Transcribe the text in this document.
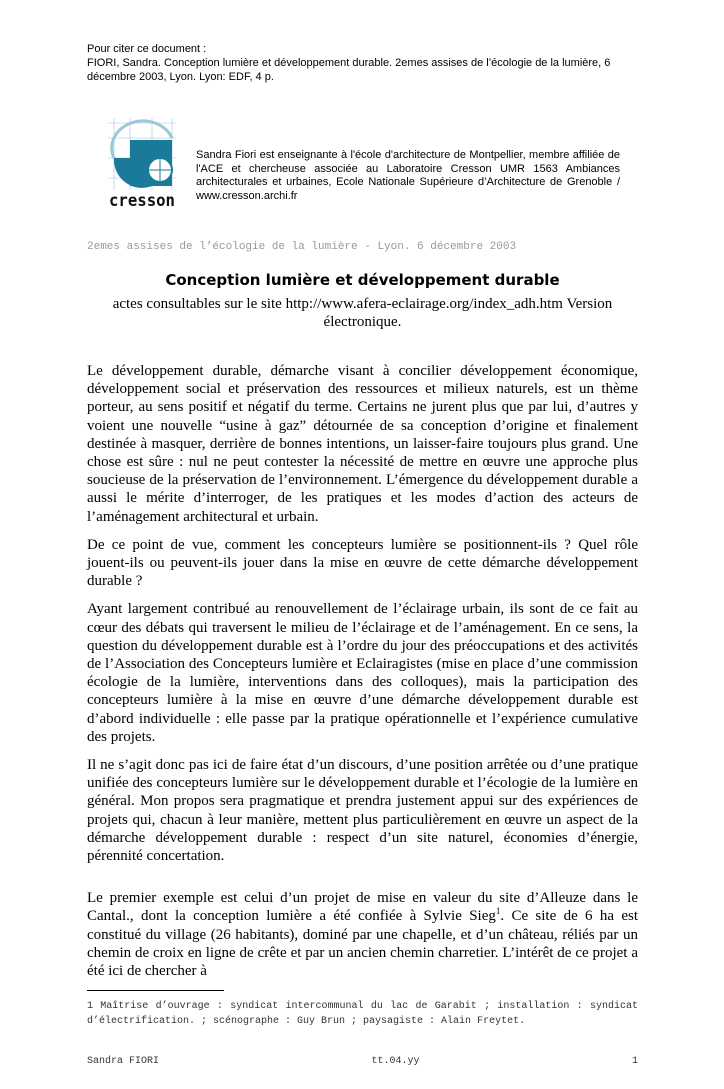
Pour citer ce document :
FIORI, Sandra. Conception lumière et développement durable. 2emes assises de l’écologie de la lumière, 6 décembre 2003, Lyon. Lyon: EDF, 4 p.
cresson
Sandra Fiori est enseignante à l'école d'architecture de Montpellier, membre affiliée de l'ACE et chercheuse associée au Laboratoire Cresson UMR 1563 Ambiances architecturales et urbaines, Ecole Nationale Supérieure d’Architecture de Grenoble / www.cresson.archi.fr
2emes assises de l’écologie de la lumière - Lyon. 6 décembre 2003
Conception lumière et développement durable
actes consultables sur le site http://www.afera-eclairage.org/index_adh.htm Version électronique.

Le développement durable, démarche visant à concilier développement économique, développement social et préservation des ressources et milieux naturels, est un thème porteur, au sens positif et négatif du terme. Certains ne jurent plus que par lui, d’autres y voient une nouvelle “usine à gaz” détournée de sa conception d’origine et finalement destinée à masquer, derrière de bonnes intentions, un laisser-faire toujours plus grand. Une chose est sûre : nul ne peut contester la nécessité de mettre en œuvre une approche plus soucieuse de la préservation de l’environnement. L’émergence du développement durable a aussi le mérite d’interroger, de les pratiques et les modes d’action des acteurs de l’aménagement architectural et urbain.

De ce point de vue, comment les concepteurs lumière se positionnent-ils ? Quel rôle jouent-ils ou peuvent-ils jouer dans la mise en œuvre de cette démarche développement durable ?

Ayant largement contribué au renouvellement de l’éclairage urbain, ils sont de ce fait au cœur des débats qui traversent le milieu de l’éclairage et de l’aménagement. En ce sens, la question du développement durable est à l’ordre du jour des préoccupations et des activités de l’Association des Concepteurs lumière et Eclairagistes (mise en place d’une commission écologie de la lumière, interventions dans des colloques), mais la participation des concepteurs lumière à la mise en œuvre d’une démarche développement durable est d’abord individuelle : elle passe par la pratique opérationnelle et l’expérience cumulative des projets.

Il ne s’agit donc pas ici de faire état d’un discours, d’une position arrêtée ou d’une pratique unifiée des concepteurs lumière sur le développement durable et l’écologie de la lumière en général. Mon propos sera pragmatique et prendra justement appui sur des expériences de projets qui, chacun à leur manière, mettent plus particulièrement en œuvre un aspect de la démarche développement durable : respect d’un site naturel, économies d’énergie, pérennité concertation.

Le premier exemple est celui d’un projet de mise en valeur du site d’Alleuze dans le Cantal., dont la conception lumière a été confiée à Sylvie Sieg$^1$. Ce site de 6 ha est constitué du village (26 habitants), dominé par une chapelle, et d’un château, réliés par un chemin de croix en ligne de crête et par un ancien chemin charretier. L’intérêt de ce projet a été ici de chercher à

1 Maîtrise d’ouvrage : syndicat intercommunal du lac de Garabit ; installation : syndicat d’électrification. ; scénographe : Guy Brun ; paysagiste : Alain Freytet.
Sandra FIORI	tt.04.yy	1
